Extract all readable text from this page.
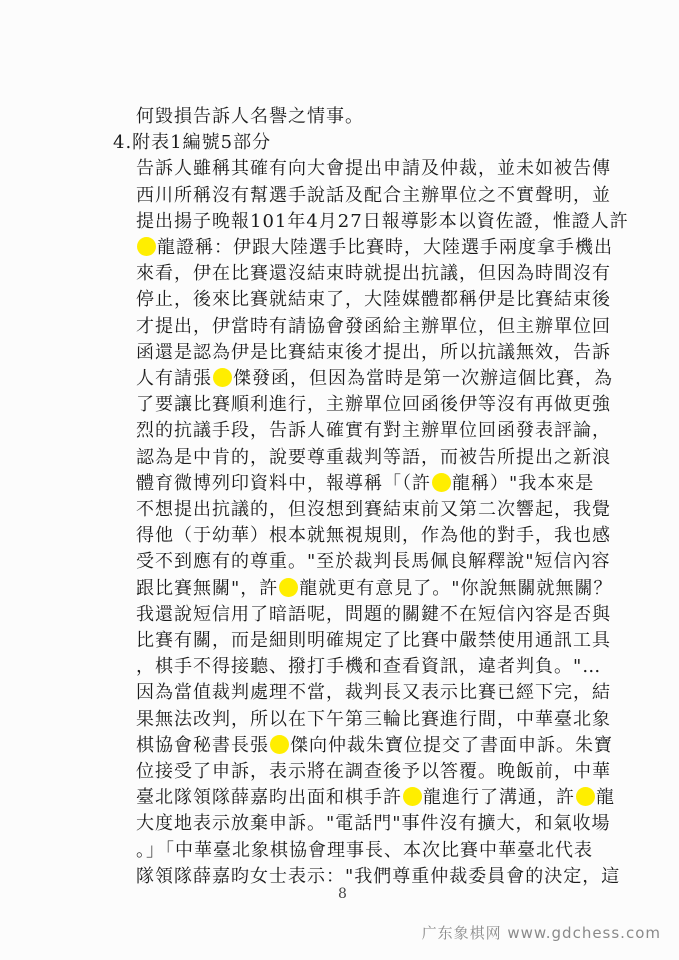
何毀損告訴人名譽之情事。
4.附表1編號5部分
告訴人雖稱其確有向大會提出申請及仲裁，並未如被告傳
西川所稱沒有幫選手說話及配合主辦單位之不實聲明，並
提出揚子晚報101年4月27日報導影本以資佐證，惟證人許
龍證稱：伊跟大陸選手比賽時，大陸選手兩度拿手機出
來看，伊在比賽還沒結束時就提出抗議，但因為時間沒有
停止，後來比賽就結束了，大陸媒體都稱伊是比賽結束後
才提出，伊當時有請協會發函給主辦單位，但主辦單位回
函還是認為伊是比賽結束後才提出，所以抗議無效，告訴
人有請張 傑發函，但因為當時是第一次辦這個比賽，為
了要讓比賽順利進行，主辦單位回函後伊等沒有再做更強
烈的抗議手段，告訴人確實有對主辦單位回函發表評論，
認為是中肯的，說要尊重裁判等語，而被告所提出之新浪
體育微博列印資料中，報導稱「（許 龍稱）"我本來是
不想提出抗議的，但沒想到賽結束前又第二次響起，我覺
得他（于幼華）根本就無視規則，作為他的對手，我也感
受不到應有的尊重。"至於裁判長馬佩良解釋說"短信內容
跟比賽無關"，許 龍就更有意見了。"你說無關就無關？
我還說短信用了暗語呢，問題的關鍵不在短信內容是否與
比賽有關，而是細則明確規定了比賽中嚴禁使用通訊工具
，棋手不得接聽、撥打手機和查看資訊，違者判負。"…
因為當值裁判處理不當，裁判長又表示比賽已經下完，結
果無法改判，所以在下午第三輪比賽進行間，中華臺北象
棋協會秘書長張 傑向仲裁朱寶位提交了書面申訴。朱寶
位接受了申訴，表示將在調查後予以答覆。晚飯前，中華
臺北隊領隊薛嘉昀出面和棋手許 龍進行了溝通，許 龍
大度地表示放棄申訴。"電話門"事件沒有擴大，和氣收場
。」「中華臺北象棋協會理事長、本次比賽中華臺北代表
隊領隊薛嘉昀女士表示："我們尊重仲裁委員會的決定，這
8
广东象棋网 www.gdchess.com
